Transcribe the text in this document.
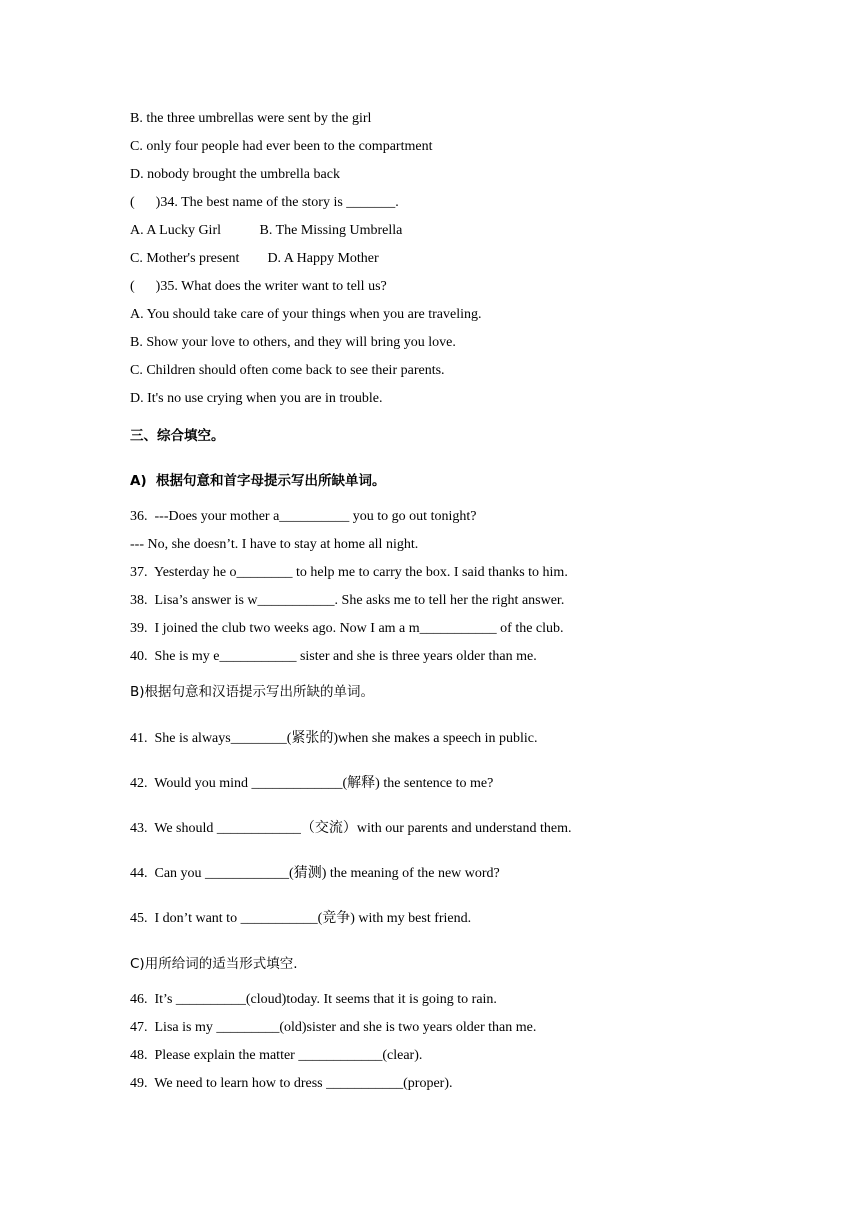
B. the three umbrellas were sent by the girl
C. only four people had ever been to the compartment
D. nobody brought the umbrella back
(      )34. The best name of the story is _______.
A. A Lucky Girl           B. The Missing Umbrella
C. Mother's present        D. A Happy Mother
(      )35. What does the writer want to tell us?
A. You should take care of your things when you are traveling.
B. Show your love to others, and they will bring you love.
C. Children should often come back to see their parents.
D. It's no use crying when you are in trouble.
三、综合填空。
A)  根据句意和首字母提示写出所缺单词。
36.  ---Does your mother a__________ you to go out tonight?
--- No, she doesn’t. I have to stay at home all night.
37.  Yesterday he o________ to help me to carry the box. I said thanks to him.
38.  Lisa’s answer is w___________. She asks me to tell her the right answer.
39.  I joined the club two weeks ago. Now I am a m___________ of the club.
40.  She is my e___________ sister and she is three years older than me.
B)根据句意和汉语提示写出所缺的单词。
41.  She is always________(紧张的)when she makes a speech in public.
42.  Would you mind _____________(解释) the sentence to me?
43.  We should ____________（交流）with our parents and understand them.
44.  Can you ____________(猜测) the meaning of the new word?
45.  I don’t want to ___________(竞争) with my best friend.
C)用所给词的适当形式填空.
46.  It’s __________(cloud)today. It seems that it is going to rain.
47.  Lisa is my _________(old)sister and she is two years older than me.
48.  Please explain the matter ____________(clear).
49.  We need to learn how to dress ___________(proper).
